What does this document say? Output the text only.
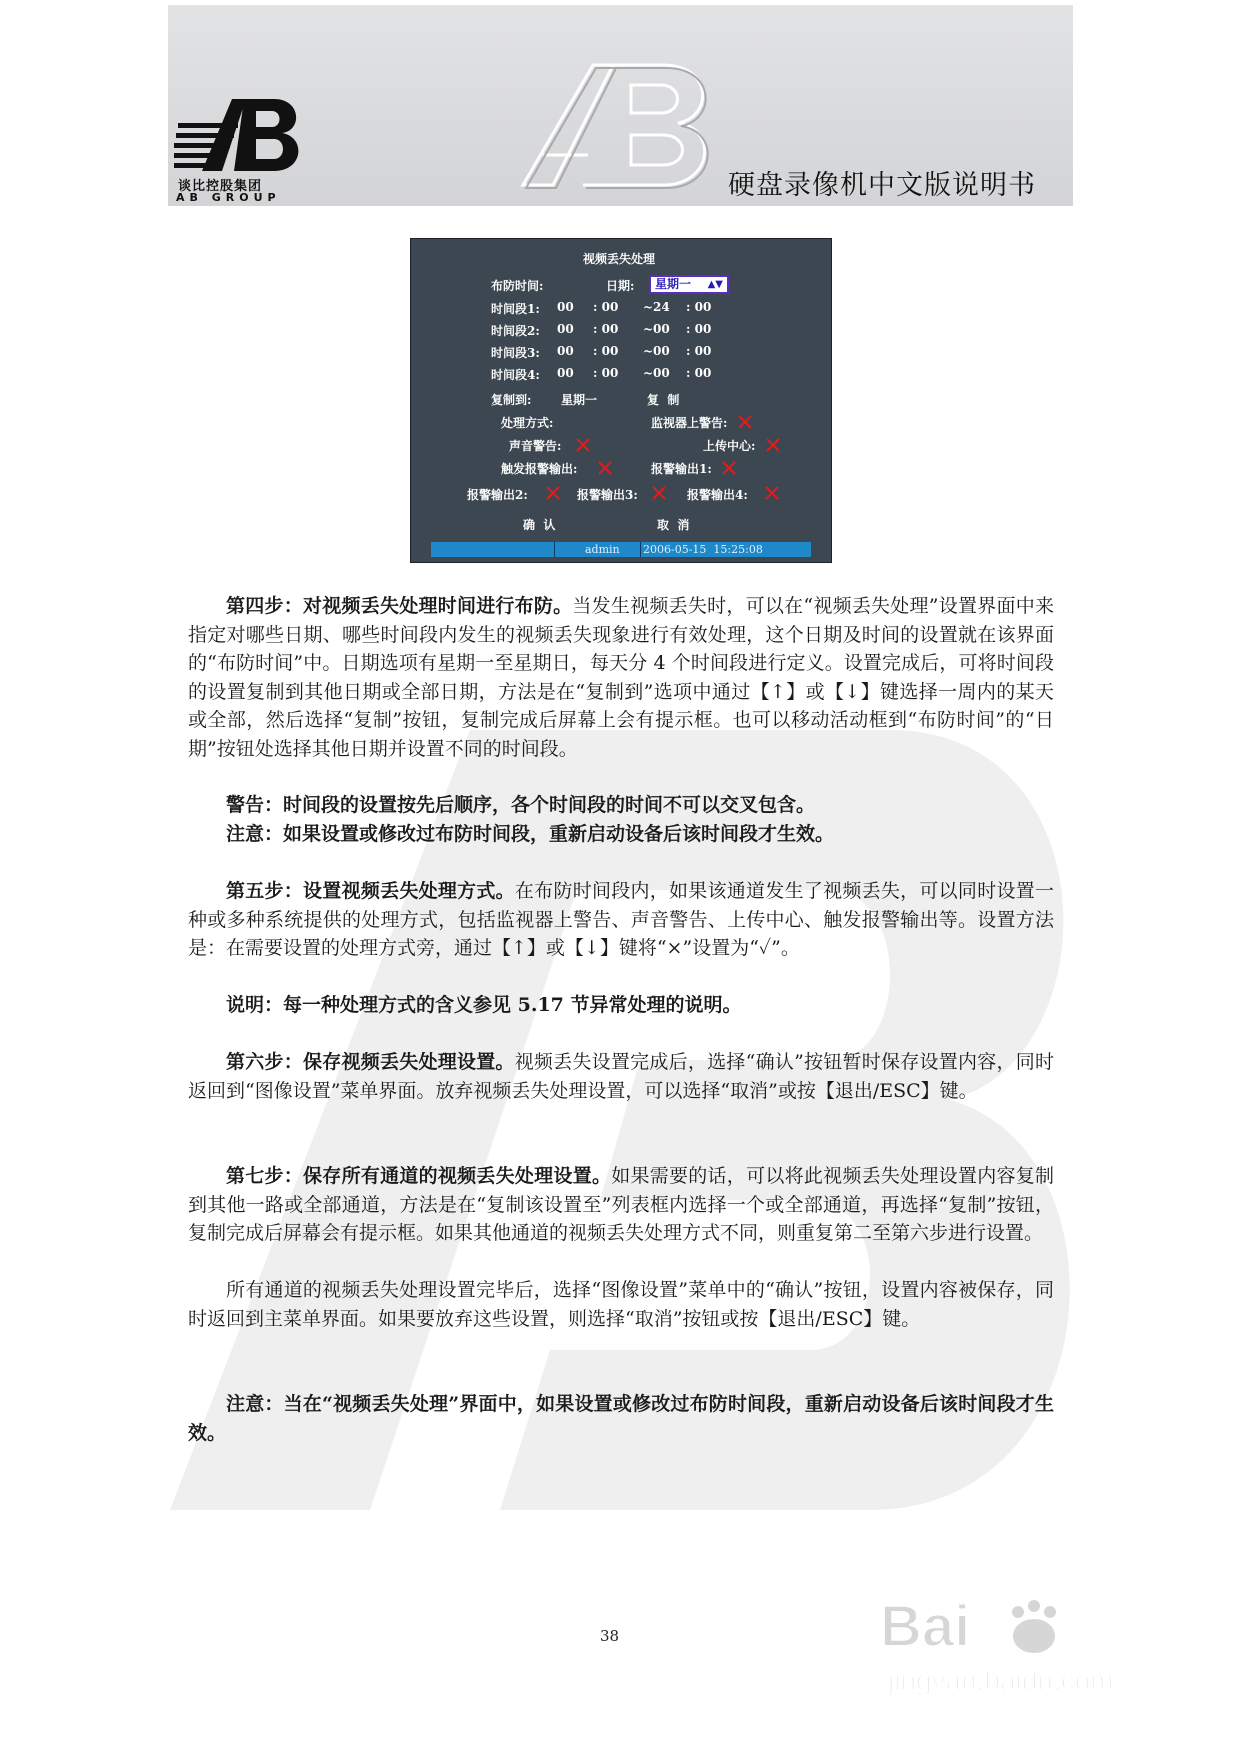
谈比控股集团
AB GROUP	硬盘录像机中文版说明书
视频丢失处理
布防时间:	日期:	星期一 ▲▼
时间段1: 00 : 00 ~24 : 00
时间段2: 00 : 00 ~00 : 00
时间段3: 00 : 00 ~00 : 00
时间段4: 00 : 00 ~00 : 00
复制到: 星期一	复  制
处理方式:	监视器上警告:
声音警告:	上传中心:
触发报警输出:	报警输出1:
报警输出2:	报警输出3:	报警输出4:
确  认	取  消
admin 2006-05-15  15:25:08

第四步：对视频丢失处理时间进行布防。当发生视频丢失时，可以在“视频丢失处理”设置界面中来指定对哪些日期、哪些时间段内发生的视频丢失现象进行有效处理，这个日期及时间的设置就在该界面的“布防时间”中。日期选项有星期一至星期日，每天分 4 个时间段进行定义。设置完成后，可将时间段的设置复制到其他日期或全部日期，方法是在“复制到”选项中通过【↑】或【↓】键选择一周内的某天或全部，然后选择“复制”按钮，复制完成后屏幕上会有提示框。也可以移动活动框到“布防时间”的“日期”按钮处选择其他日期并设置不同的时间段。

警告：时间段的设置按先后顺序，各个时间段的时间不可以交叉包含。

注意：如果设置或修改过布防时间段，重新启动设备后该时间段才生效。

第五步：设置视频丢失处理方式。在布防时间段内，如果该通道发生了视频丢失，可以同时设置一种或多种系统提供的处理方式，包括监视器上警告、声音警告、上传中心、触发报警输出等。设置方法是：在需要设置的处理方式旁，通过【↑】或【↓】键将“×”设置为“✓”。

说明：每一种处理方式的含义参见 5.17 节异常处理的说明。

第六步：保存视频丢失处理设置。视频丢失设置完成后，选择“确认”按钮暂时保存设置内容，同时返回到“图像设置”菜单界面。放弃视频丢失处理设置，可以选择“取消”或按【退出/ESC】键。

第七步：保存所有通道的视频丢失处理设置。如果需要的话，可以将此视频丢失处理设置内容复制到其他一路或全部通道，方法是在“复制该设置至”列表框内选择一个或全部通道，再选择“复制”按钮，复制完成后屏幕会有提示框。如果其他通道的视频丢失处理方式不同，则重复第二至第六步进行设置。

所有通道的视频丢失处理设置完毕后，选择“图像设置”菜单中的“确认”按钮，设置内容被保存，同时返回到主菜单界面。如果要放弃这些设置，则选择“取消”按钮或按【退出/ESC】键。

注意：当在“视频丢失处理”界面中，如果设置或修改过布防时间段，重新启动设备后该时间段才生效。

38	Bai 经验
jingyan.baidu.com
